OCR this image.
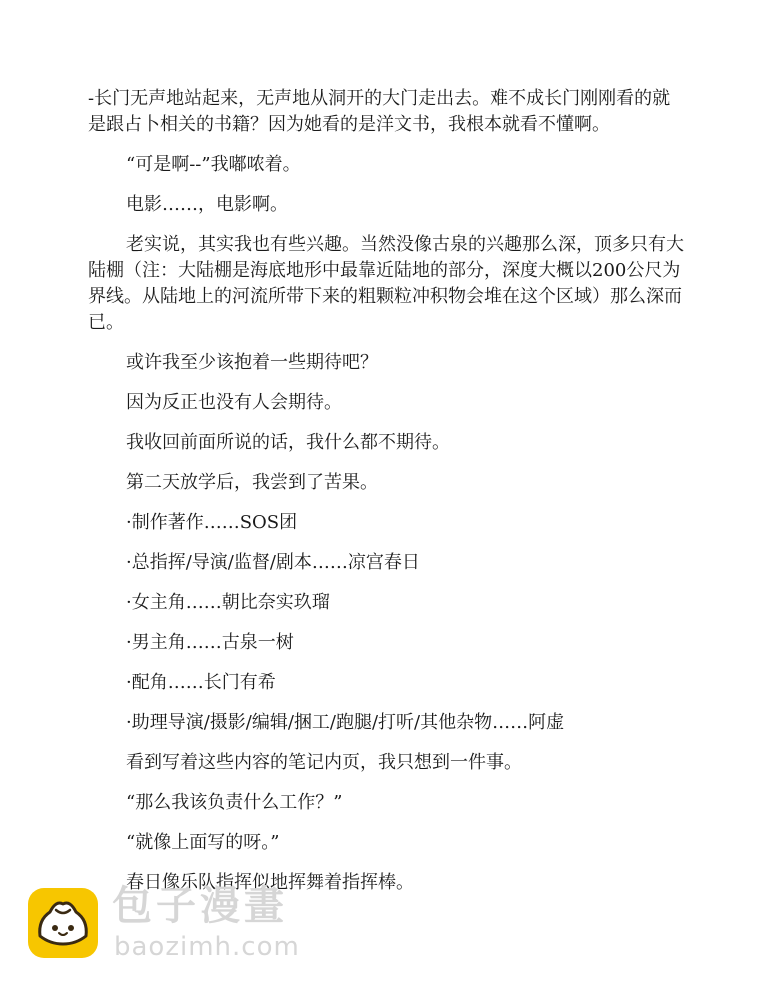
-长门无声地站起来，无声地从洞开的大门走出去。难不成长门刚刚看的就是跟占卜相关的书籍？因为她看的是洋文书，我根本就看不懂啊。

“可是啊--”我嘟哝着。

电影……，电影啊。

老实说，其实我也有些兴趣。当然没像古泉的兴趣那么深，顶多只有大陆棚（注：大陆棚是海底地形中最靠近陆地的部分，深度大概以200公尺为界线。从陆地上的河流所带下来的粗颗粒冲积物会堆在这个区域）那么深而已。

或许我至少该抱着一些期待吧？

因为反正也没有人会期待。

我收回前面所说的话，我什么都不期待。

第二天放学后，我尝到了苦果。

·制作著作……SOS团

·总指挥/导演/监督/剧本……凉宫春日

·女主角……朝比奈实玖瑠

·男主角……古泉一树

·配角……长门有希

·助理导演/摄影/编辑/捆工/跑腿/打听/其他杂物……阿虚

看到写着这些内容的笔记内页，我只想到一件事。

“那么我该负责什么工作？”

“就像上面写的呀。”

春日像乐队指挥似地挥舞着指挥棒。

包子漫畫
baozimh.com
